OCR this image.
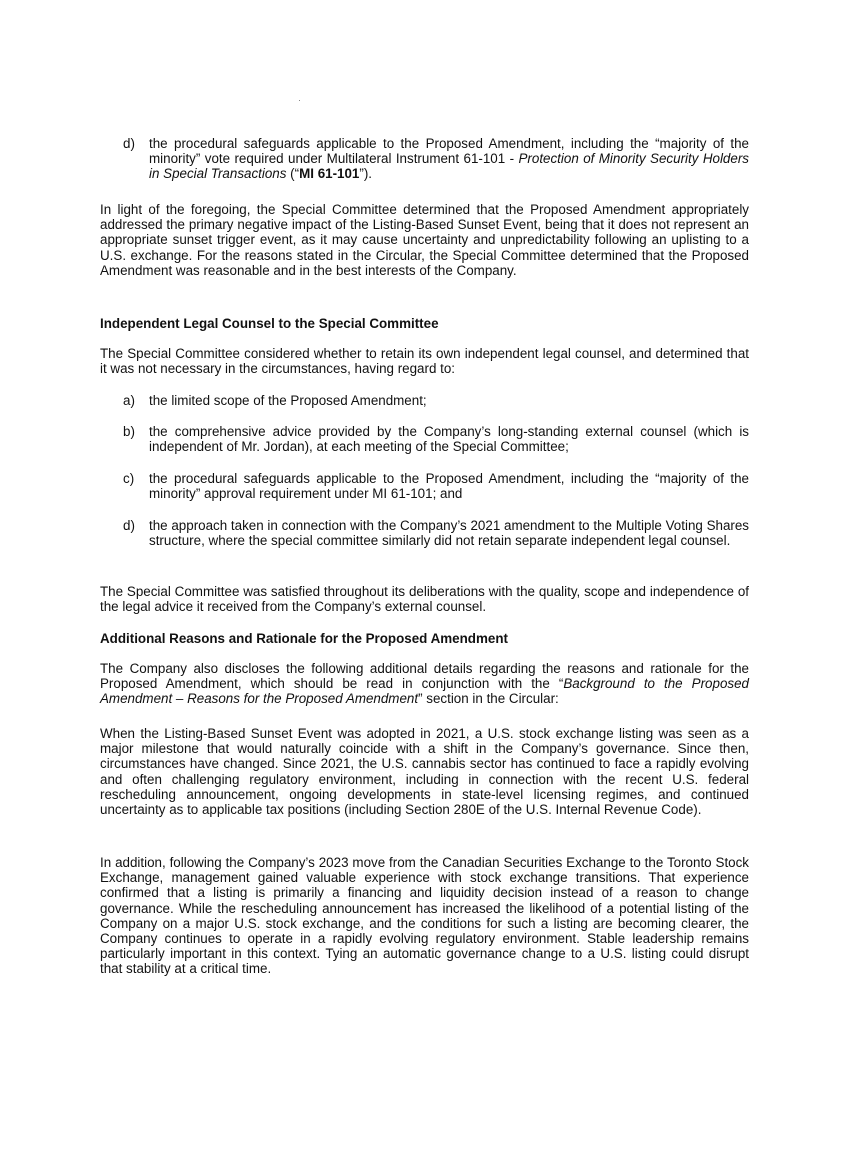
d)	the procedural safeguards applicable to the Proposed Amendment, including the “majority of the minority” vote required under Multilateral Instrument 61-101 - Protection of Minority Security Holders in Special Transactions (“MI 61-101”).

In light of the foregoing, the Special Committee determined that the Proposed Amendment appropriately addressed the primary negative impact of the Listing-Based Sunset Event, being that it does not represent an appropriate sunset trigger event, as it may cause uncertainty and unpredictability following an uplisting to a U.S. exchange. For the reasons stated in the Circular, the Special Committee determined that the Proposed Amendment was reasonable and in the best interests of the Company.

Independent Legal Counsel to the Special Committee

The Special Committee considered whether to retain its own independent legal counsel, and determined that it was not necessary in the circumstances, having regard to:

a)	the limited scope of the Proposed Amendment;

b)	the comprehensive advice provided by the Company’s long-standing external counsel (which is independent of Mr. Jordan), at each meeting of the Special Committee;

c)	the procedural safeguards applicable to the Proposed Amendment, including the “majority of the minority” approval requirement under MI 61-101; and

d)	the approach taken in connection with the Company’s 2021 amendment to the Multiple Voting Shares structure, where the special committee similarly did not retain separate independent legal counsel.

The Special Committee was satisfied throughout its deliberations with the quality, scope and independence of the legal advice it received from the Company’s external counsel.

Additional Reasons and Rationale for the Proposed Amendment

The Company also discloses the following additional details regarding the reasons and rationale for the Proposed Amendment, which should be read in conjunction with the “Background to the Proposed Amendment – Reasons for the Proposed Amendment” section in the Circular:

When the Listing-Based Sunset Event was adopted in 2021, a U.S. stock exchange listing was seen as a major milestone that would naturally coincide with a shift in the Company’s governance. Since then, circumstances have changed. Since 2021, the U.S. cannabis sector has continued to face a rapidly evolving and often challenging regulatory environment, including in connection with the recent U.S. federal rescheduling announcement, ongoing developments in state-level licensing regimes, and continued uncertainty as to applicable tax positions (including Section 280E of the U.S. Internal Revenue Code).

In addition, following the Company’s 2023 move from the Canadian Securities Exchange to the Toronto Stock Exchange, management gained valuable experience with stock exchange transitions. That experience confirmed that a listing is primarily a financing and liquidity decision instead of a reason to change governance. While the rescheduling announcement has increased the likelihood of a potential listing of the Company on a major U.S. stock exchange, and the conditions for such a listing are becoming clearer, the Company continues to operate in a rapidly evolving regulatory environment. Stable leadership remains particularly important in this context. Tying an automatic governance change to a U.S. listing could disrupt that stability at a critical time.
